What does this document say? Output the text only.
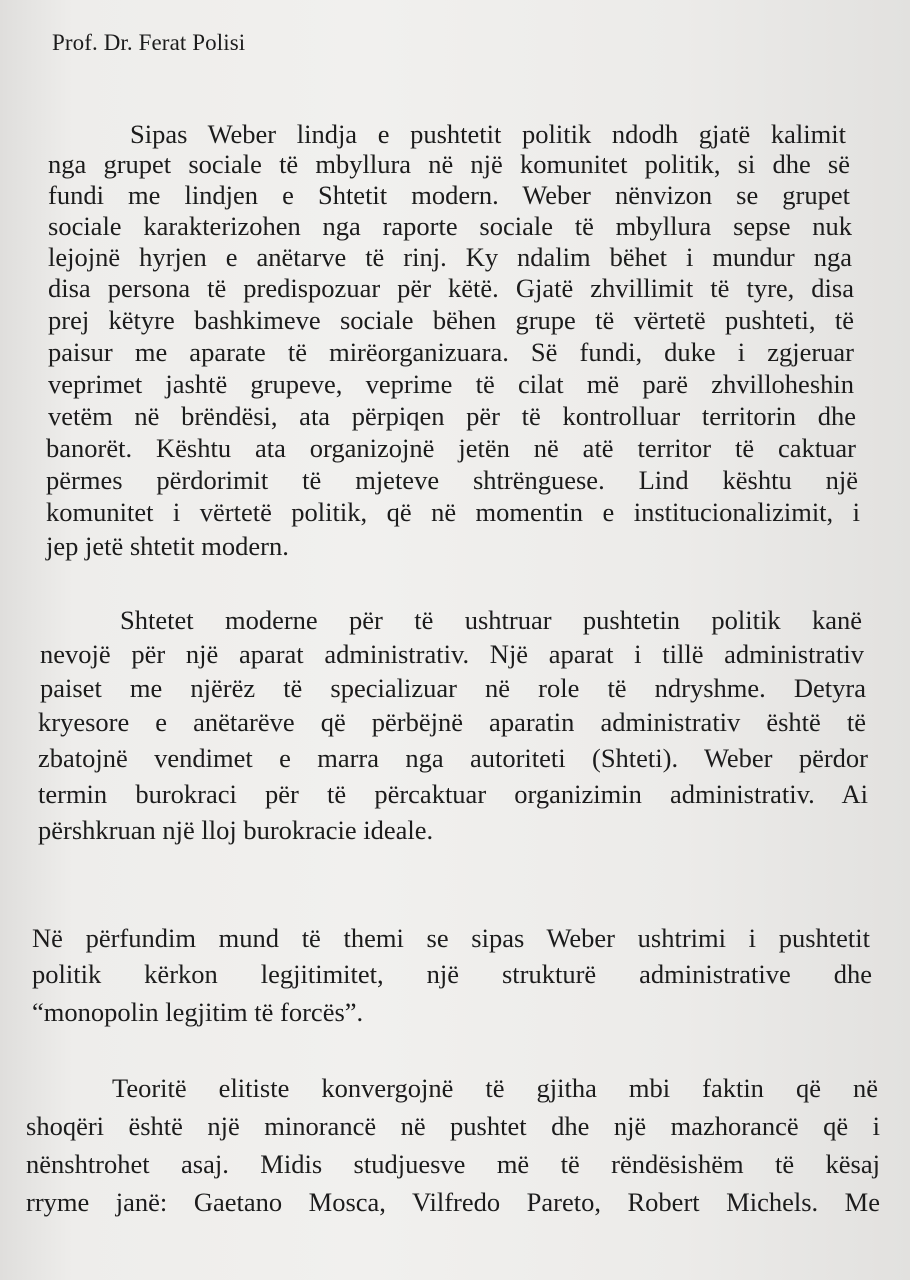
Prof. Dr. Ferat Polisi
Sipas Weber lindja e pushtetit politik ndodh gjatë kalimit
nga grupet sociale të mbyllura në një komunitet politik, si dhe së
fundi me lindjen e Shtetit modern. Weber nënvizon se grupet
sociale karakterizohen nga raporte sociale të mbyllura sepse nuk
lejojnë hyrjen e anëtarve të rinj. Ky ndalim bëhet i mundur nga
disa persona të predispozuar për këtë. Gjatë zhvillimit të tyre, disa
prej këtyre bashkimeve sociale bëhen grupe të vërtetë pushteti, të
paisur me aparate të mirëorganizuara. Së fundi, duke i zgjeruar
veprimet jashtë grupeve, veprime të cilat më parë zhvilloheshin
vetëm në brëndësi, ata përpiqen për të kontrolluar territorin dhe
banorët. Kështu ata organizojnë jetën në atë territor të caktuar
përmes përdorimit të mjeteve shtrënguese. Lind kështu një
komunitet i vërtetë politik, që në momentin e institucionalizimit, i
jep jetë shtetit modern.
Shtetet moderne për të ushtruar pushtetin politik kanë
nevojë për një aparat administrativ. Një aparat i tillë administrativ
paiset me njërëz të specializuar në role të ndryshme. Detyra
kryesore e anëtarëve që përbëjnë aparatin administrativ është të
zbatojnë vendimet e marra nga autoriteti (Shteti). Weber përdor
termin burokraci për të përcaktuar organizimin administrativ. Ai
përshkruan një lloj burokracie ideale.
Në përfundim mund të themi se sipas Weber ushtrimi i pushtetit
politik kërkon legjitimitet, një strukturë administrative dhe
“monopolin legjitim të forcës”.
Teoritë elitiste konvergojnë të gjitha mbi faktin që në
shoqëri është një minorancë në pushtet dhe një mazhorancë që i
nënshtrohet asaj. Midis studjuesve më të rëndësishëm të kësaj
rryme janë: Gaetano Mosca, Vilfredo Pareto, Robert Michels. Me
